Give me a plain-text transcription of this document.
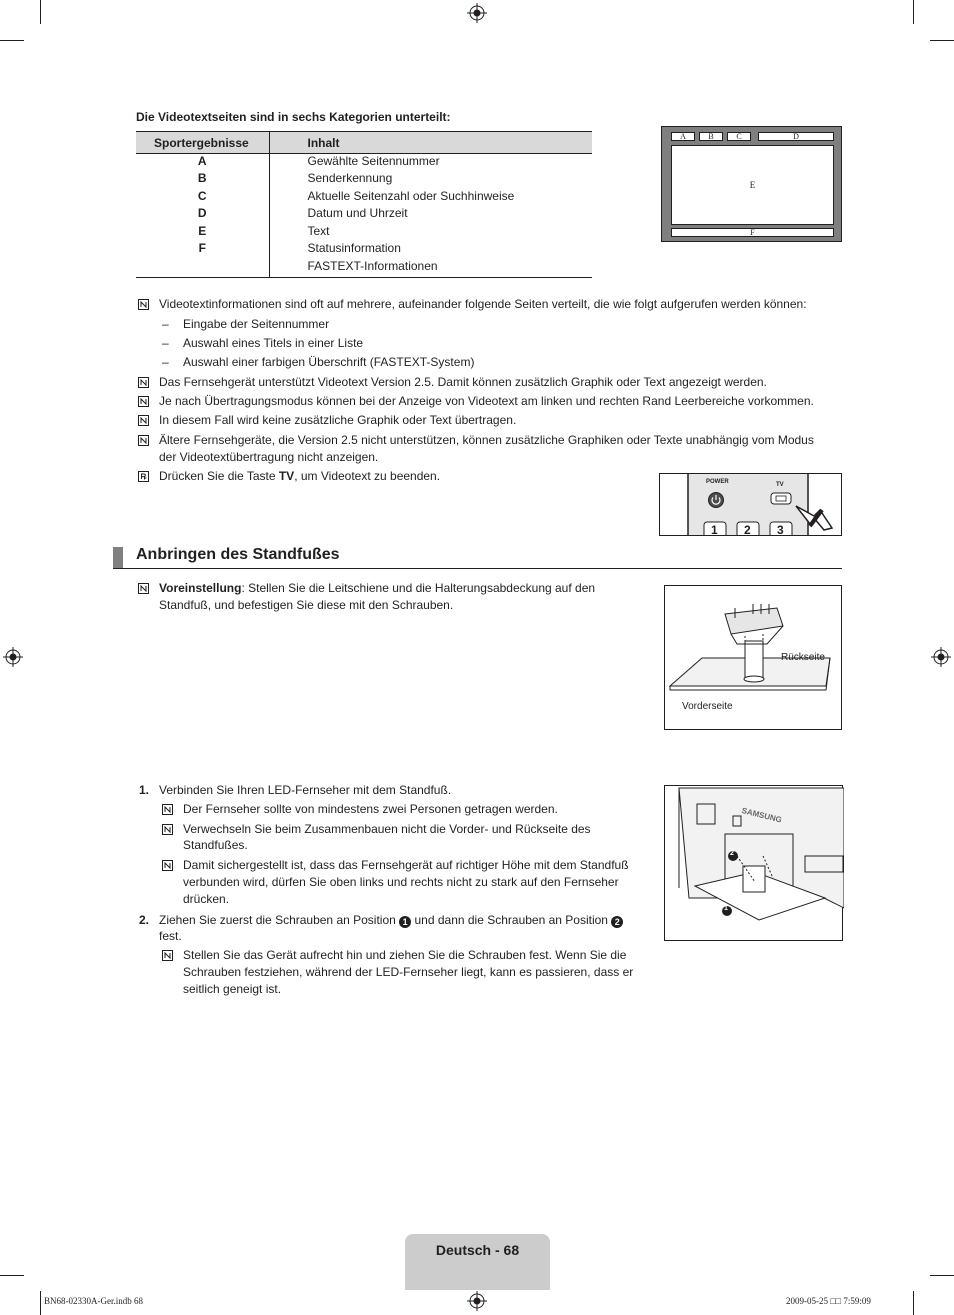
Die Videotextseiten sind in sechs Kategorien unterteilt:
Sportergebnisse	Inhalt
A	Gewählte Seitennummer
B	Senderkennung
C	Aktuelle Seitenzahl oder Suchhinweise
D	Datum und Uhrzeit
E	Text
F	Statusinformation
	FASTEXT-Informationen
A	B	C	D
E
F
Videotextinformationen sind oft auf mehrere, aufeinander folgende Seiten verteilt, die wie folgt aufgerufen werden können:
– Eingabe der Seitennummer
– Auswahl eines Titels in einer Liste
– Auswahl einer farbigen Überschrift (FASTEXT-System)
Das Fernsehgerät unterstützt Videotext Version 2.5. Damit können zusätzlich Graphik oder Text angezeigt werden.
Je nach Übertragungsmodus können bei der Anzeige von Videotext am linken und rechten Rand Leerbereiche vorkommen.
In diesem Fall wird keine zusätzliche Graphik oder Text übertragen.
Ältere Fernsehgeräte, die Version 2.5 nicht unterstützen, können zusätzliche Graphiken oder Texte unabhängig vom Modus
der Videotextübertragung nicht anzeigen.
Drücken Sie die Taste TV, um Videotext zu beenden.	POWER	TV
1 2 3
Anbringen des Standfußes
Voreinstellung: Stellen Sie die Leitschiene und die Halterungsabdeckung auf den
Standfuß, und befestigen Sie diese mit den Schrauben.
Rückseite
Vorderseite
1. Verbinden Sie Ihren LED-Fernseher mit dem Standfuß.
Der Fernseher sollte von mindestens zwei Personen getragen werden.
Verwechseln Sie beim Zusammenbauen nicht die Vorder- und Rückseite des
Standfußes.
Damit sichergestellt ist, dass das Fernsehgerät auf richtiger Höhe mit dem Standfuß
verbunden wird, dürfen Sie oben links und rechts nicht zu stark auf den Fernseher
drücken.
2. Ziehen Sie zuerst die Schrauben an Position 1 und dann die Schrauben an Position 2
fest.
Stellen Sie das Gerät aufrecht hin und ziehen Sie die Schrauben fest. Wenn Sie die
Schrauben festziehen, während der LED-Fernseher liegt, kann es passieren, dass er
seitlich geneigt ist.
2
1
SAMSUNG
Deutsch - 68
BN68-02330A-Ger.indb 68	2009-05-25 □□ 7:59:09
